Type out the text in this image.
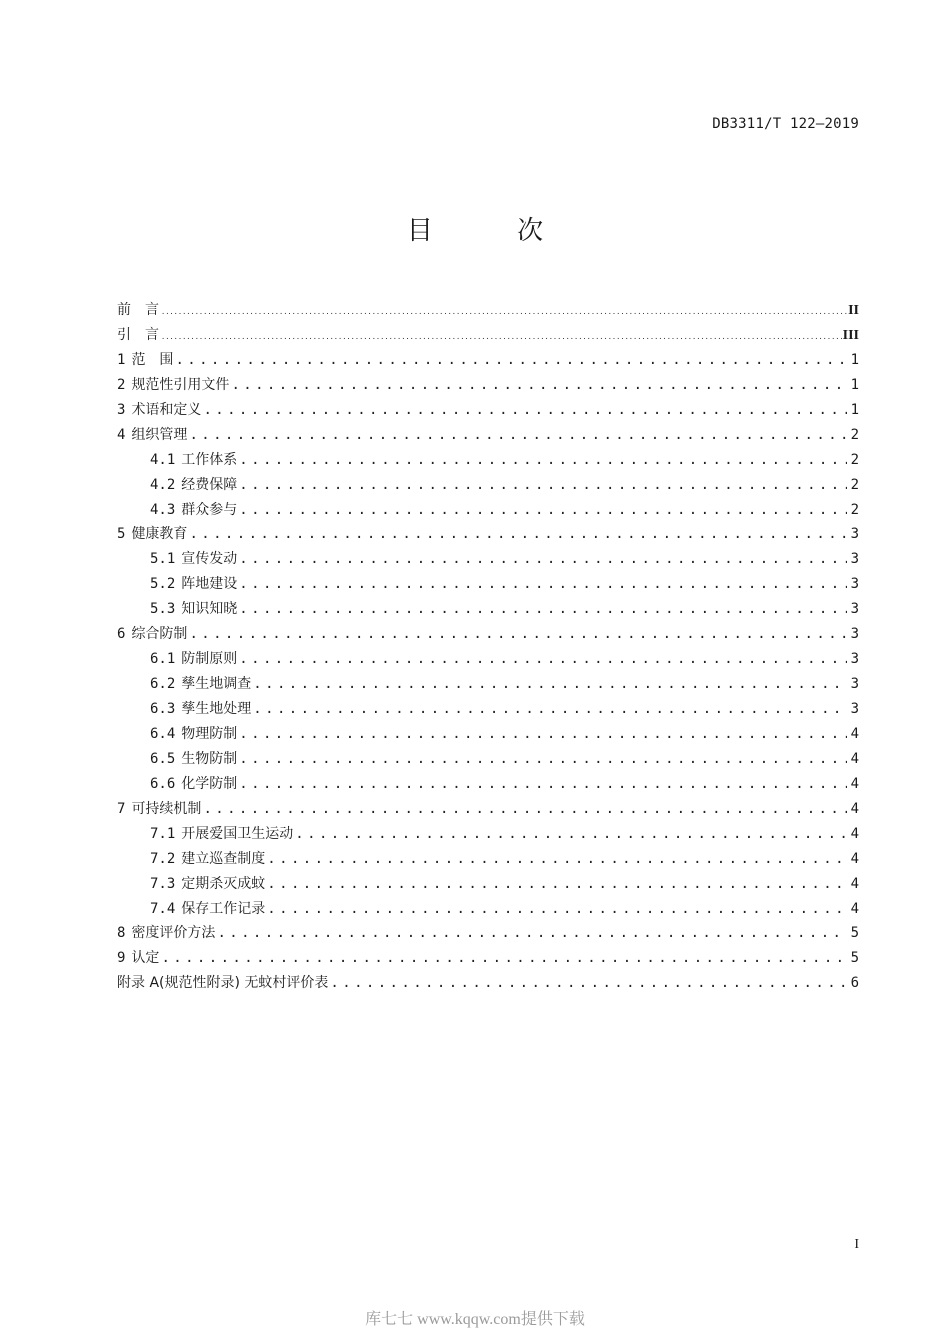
DB3311/T 122—2019
目 次
前　言 .....	II
引　言 .....	III
1 范　围 .....	1
2 规范性引用文件 .....	1
3 术语和定义 .....	1
4 组织管理 .....	2
4.1 工作体系 .....	2
4.2 经费保障 .....	2
4.3 群众参与 .....	2
5 健康教育 .....	3
5.1 宣传发动 .....	3
5.2 阵地建设 .....	3
5.3 知识知晓 .....	3
6 综合防制 .....	3
6.1 防制原则 .....	3
6.2 孳生地调查 .....	3
6.3 孳生地处理 .....	3
6.4 物理防制 .....	4
6.5 生物防制 .....	4
6.6 化学防制 .....	4
7 可持续机制 .....	4
7.1 开展爱国卫生运动 .....	4
7.2 建立巡查制度 .....	4
7.3 定期杀灭成蚊 .....	4
7.4 保存工作记录 .....	4
8 密度评价方法 .....	5
9 认定 .....	5
附录 A(规范性附录) 无蚊村评价表 .....	6
I
库七七 www.kqqw.com提供下载
